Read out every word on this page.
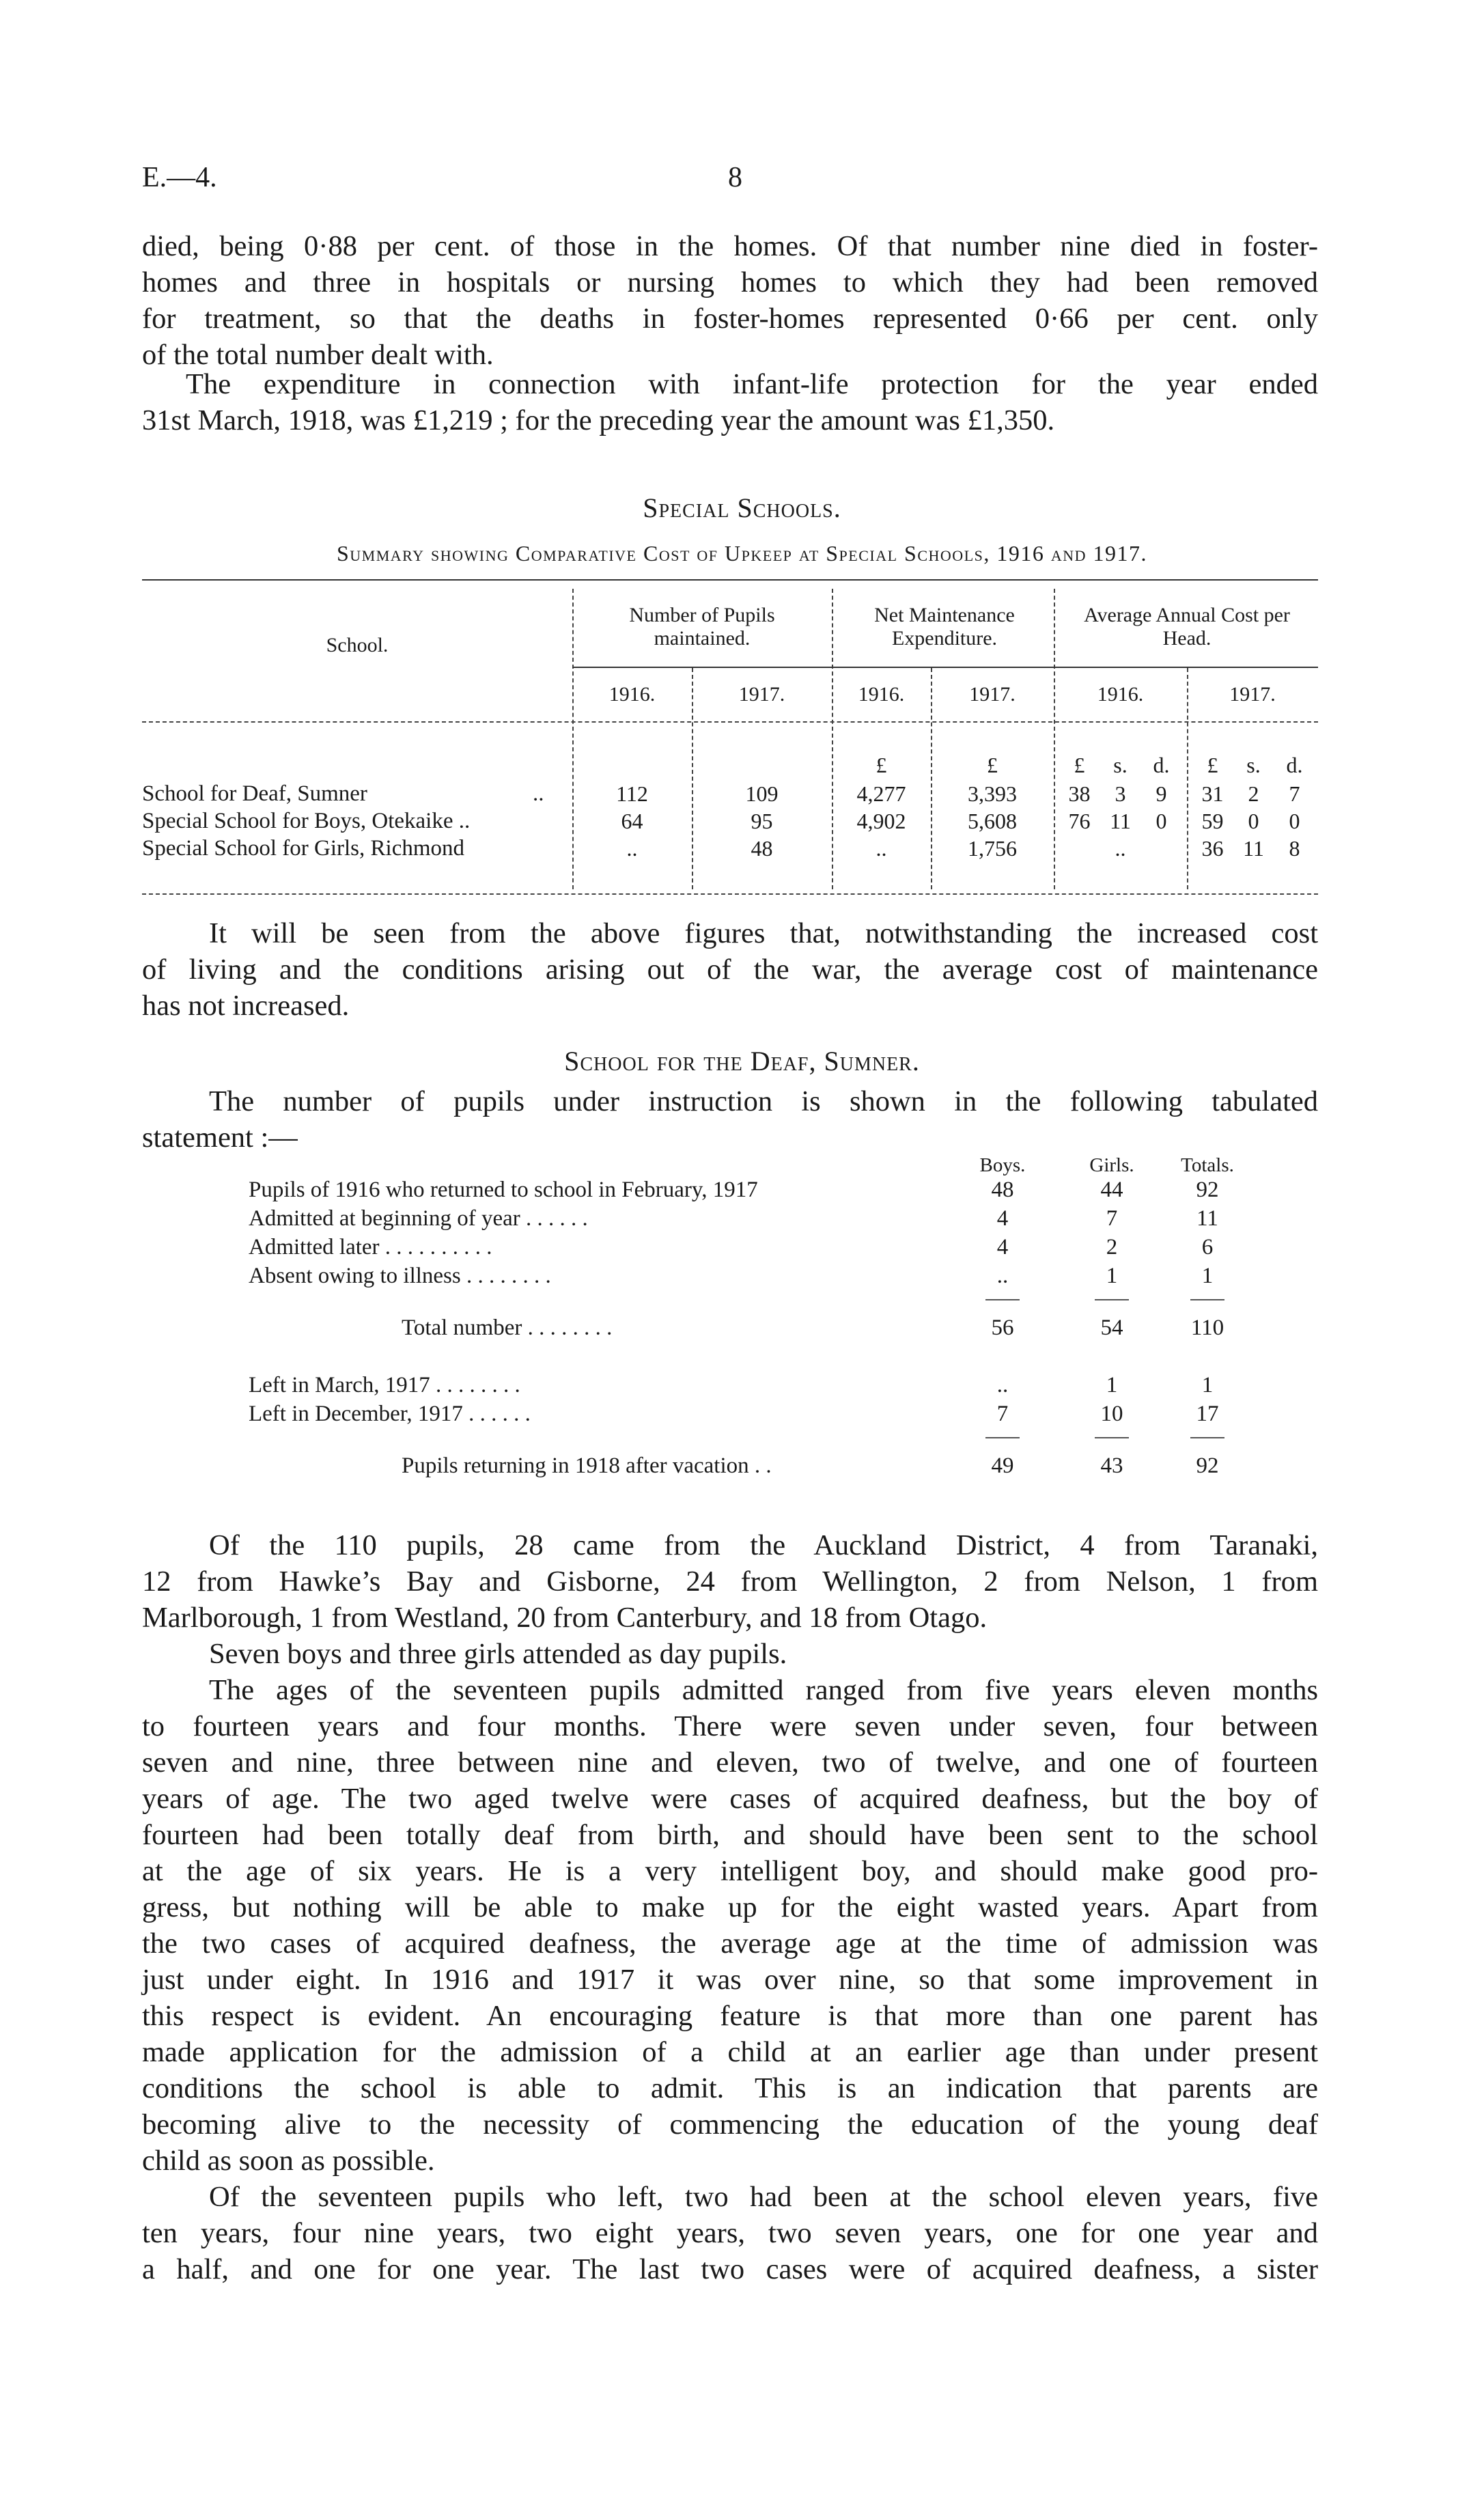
E.—4.	8
died, being 0·88 per cent. of those in the homes. Of that number nine died in foster-
homes and three in hospitals or nursing homes to which they had been removed
for treatment, so that the deaths in foster-homes represented 0·66 per cent. only
of the total number dealt with.
The expenditure in connection with infant-life protection for the year ended
31st March, 1918, was £1,219 ; for the preceding year the amount was £1,350.
Special Schools.
Summary showing Comparative Cost of Upkeep at Special Schools, 1916 and 1917.
School.
Number of Pupils maintained.
Net Maintenance Expenditure.
Average Annual Cost per Head.
1916.	1917.	1916.	1917.	1916.	1917.
£	£	£	s.	d.	£	s.	d.
School for Deaf, Sumner	..	112	109	4,277	3,393	38	3	9	31	2	7
Special School for Boys, Otekaike ..	64	95	4,902	5,608	76 11	0	59	0	0
Special School for Girls, Richmond	..	48	..	1,756	..	36 11	8
It will be seen from the above figures that, notwithstanding the increased cost
of living and the conditions arising out of the war, the average cost of maintenance
has not increased.
School for the Deaf, Sumner.
The number of pupils under instruction is shown in the following tabulated
statement :—
Boys.	Girls.	Totals.
Pupils of 1916 who returned to school in February, 1917	48	44	92
Admitted at beginning of year . . . . . .	4	7	11
Admitted later . . . . . . . . . .	4	2	6
Absent owing to illness . . . . . . . .	..	1	1
Total number . . . . . . . .	56	54	110
Left in March, 1917 . . . . . . . .	..	1	1
Left in December, 1917 . . . . . .	7	10	17
Pupils returning in 1918 after vacation . .	49	43	92
Of the 110 pupils, 28 came from the Auckland District, 4 from Taranaki,
12 from Hawke’s Bay and Gisborne, 24 from Wellington, 2 from Nelson, 1 from
Marlborough, 1 from Westland, 20 from Canterbury, and 18 from Otago.
Seven boys and three girls attended as day pupils.
The ages of the seventeen pupils admitted ranged from five years eleven months
to fourteen years and four months. There were seven under seven, four between
seven and nine, three between nine and eleven, two of twelve, and one of fourteen
years of age. The two aged twelve were cases of acquired deafness, but the boy of
fourteen had been totally deaf from birth, and should have been sent to the school
at the age of six years. He is a very intelligent boy, and should make good pro-
gress, but nothing will be able to make up for the eight wasted years. Apart from
the two cases of acquired deafness, the average age at the time of admission was
just under eight. In 1916 and 1917 it was over nine, so that some improvement in
this respect is evident. An encouraging feature is that more than one parent has
made application for the admission of a child at an earlier age than under present
conditions the school is able to admit. This is an indication that parents are
becoming alive to the necessity of commencing the education of the young deaf
child as soon as possible.
Of the seventeen pupils who left, two had been at the school eleven years, five
ten years, four nine years, two eight years, two seven years, one for one year and
a half, and one for one year. The last two cases were of acquired deafness, a sister
